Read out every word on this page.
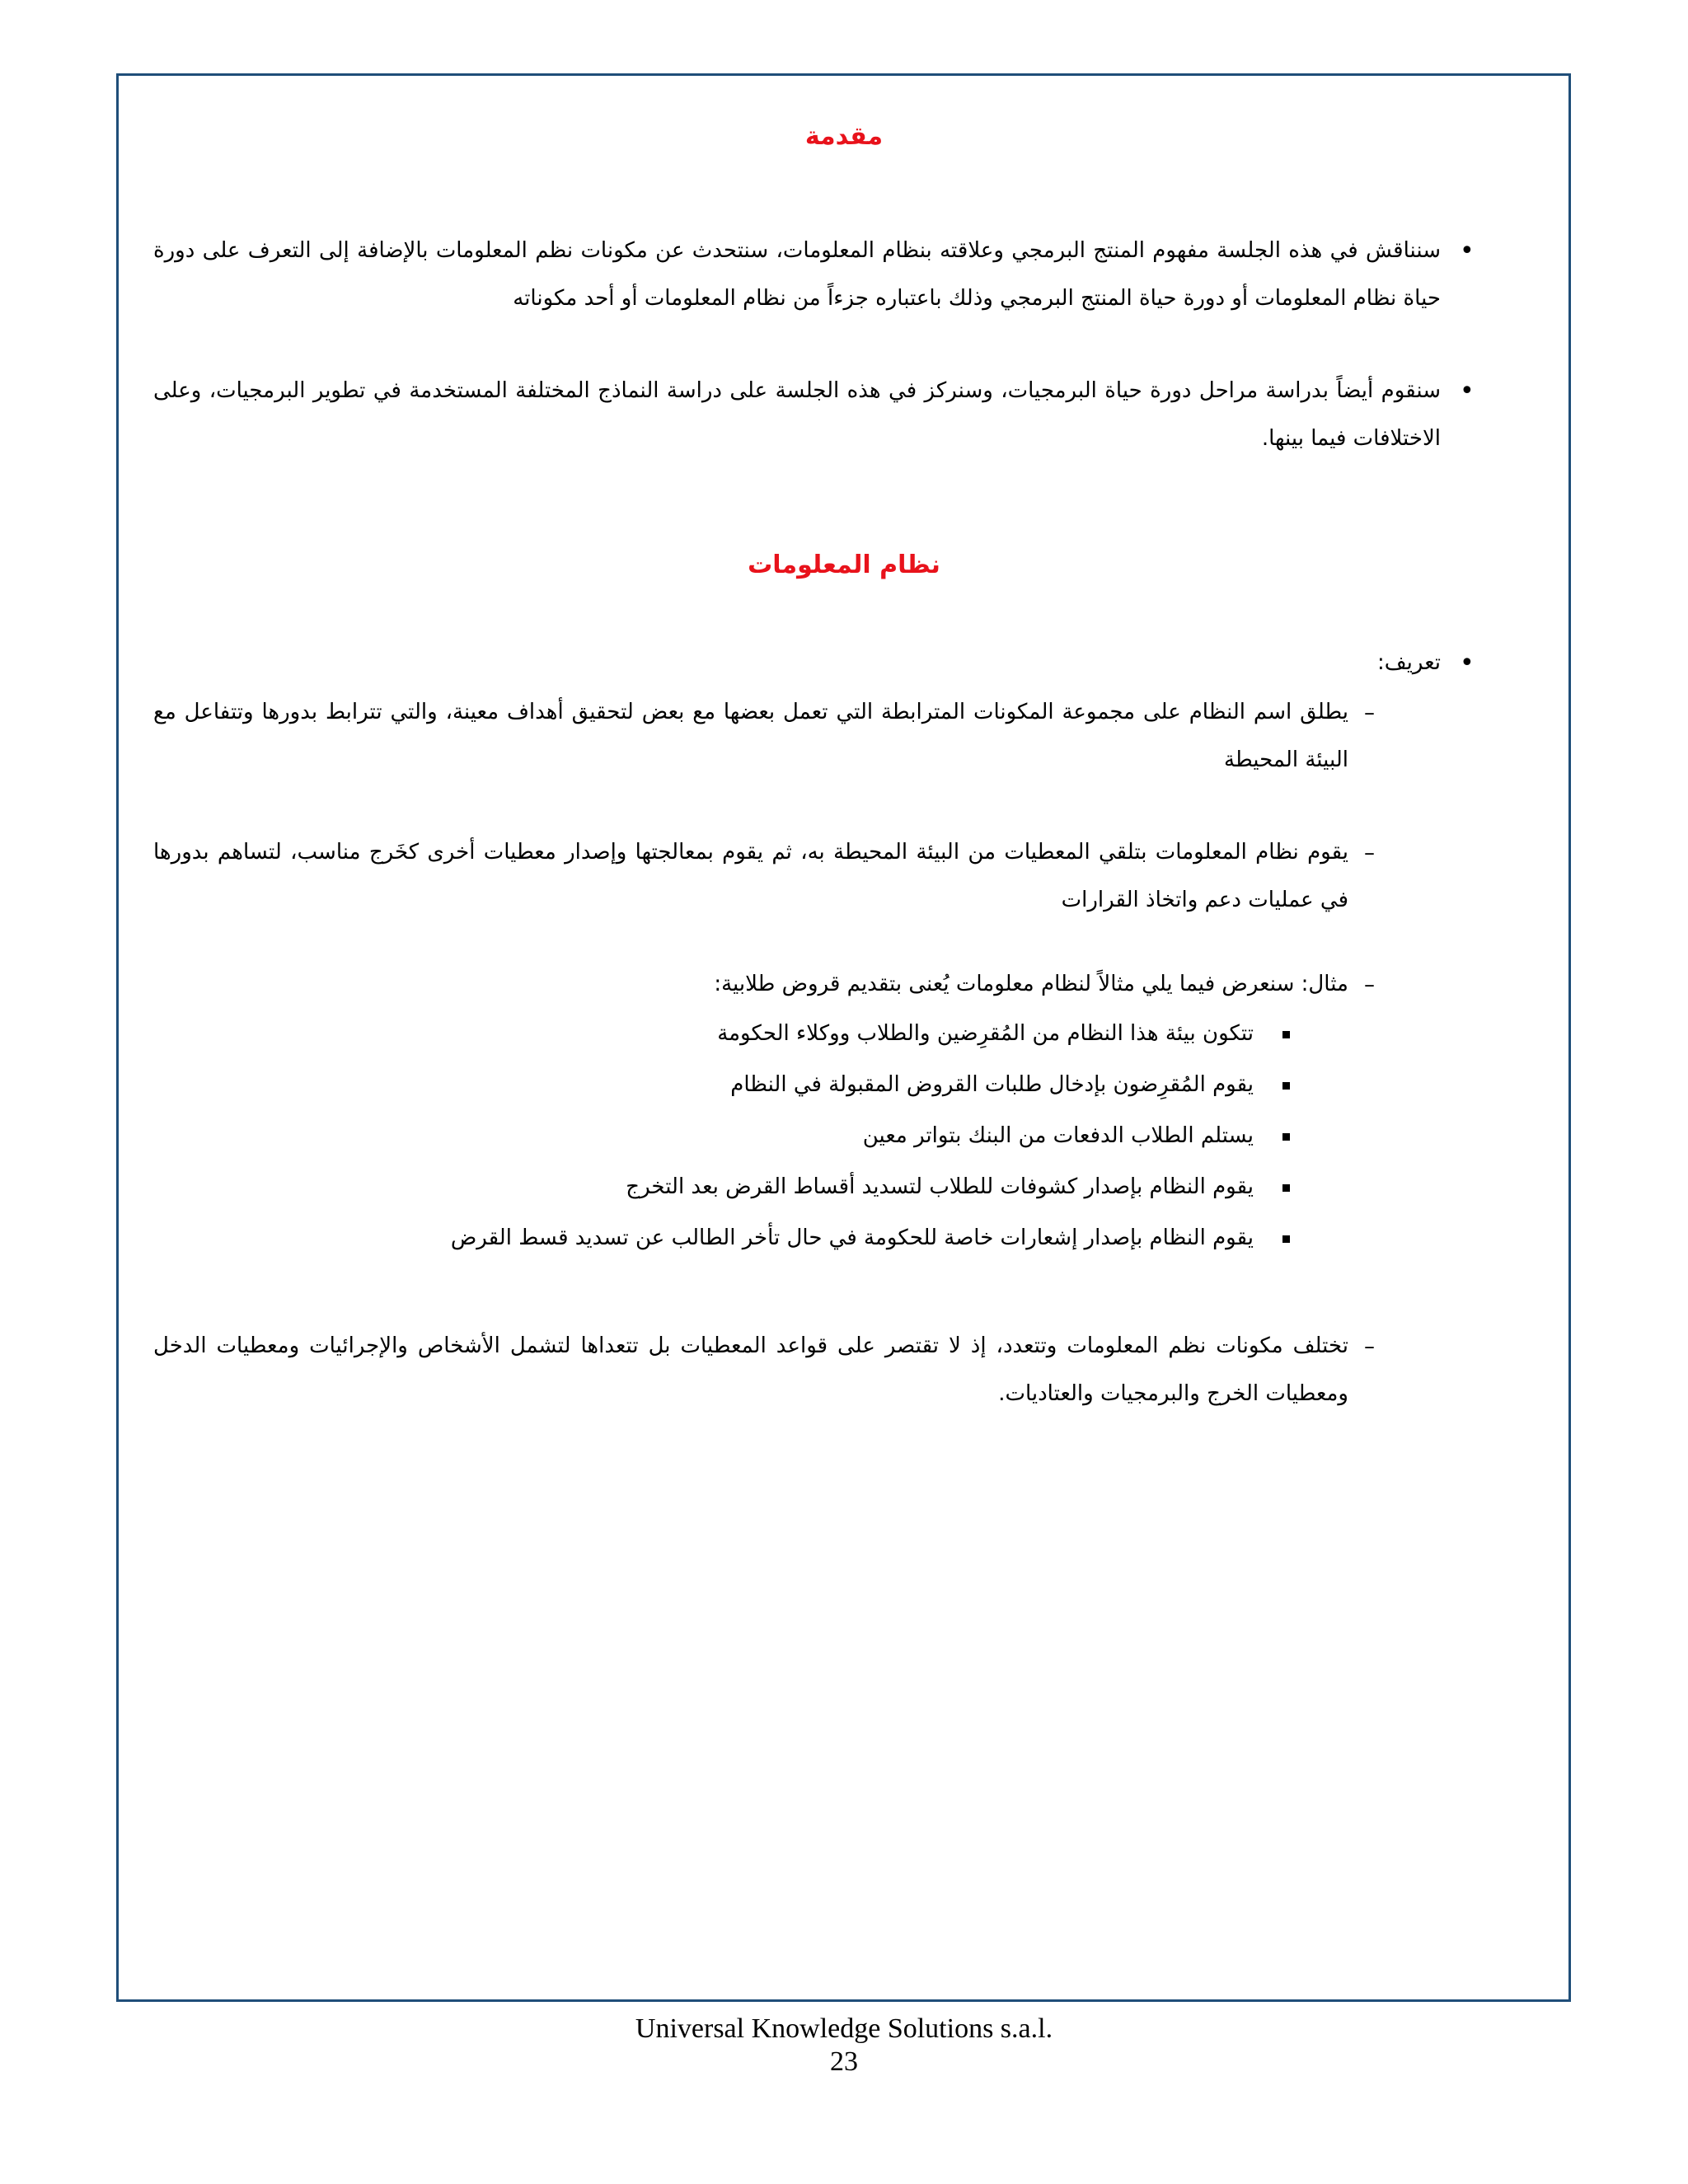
مقدمة
•
سنناقش في هذه الجلسة مفهوم المنتج البرمجي وعلاقته بنظام المعلومات، سنتحدث عن مكونات نظم المعلومات بالإضافة إلى التعرف على دورة حياة نظام المعلومات أو دورة حياة المنتج البرمجي وذلك باعتباره جزءاً من نظام المعلومات أو أحد مكوناته
•
سنقوم أيضاً بدراسة مراحل دورة حياة البرمجيات، وسنركز في هذه الجلسة على دراسة النماذج المختلفة المستخدمة في تطوير البرمجيات، وعلى الاختلافات فيما بينها.
نظام المعلومات
•
تعريف:
–
يطلق اسم النظام على مجموعة المكونات المترابطة التي تعمل بعضها مع بعض لتحقيق أهداف معينة، والتي تترابط بدورها وتتفاعل مع البيئة المحيطة
–
يقوم نظام المعلومات بتلقي المعطيات من البيئة المحيطة به، ثم يقوم بمعالجتها وإصدار معطيات أخرى كخَرج مناسب، لتساهم بدورها في عمليات دعم واتخاذ القرارات
–
مثال: سنعرض فيما يلي مثالاً لنظام معلومات يُعنى بتقديم قروض طلابية:
تتكون بيئة هذا النظام من المُقرِضين والطلاب ووكلاء الحكومة
يقوم المُقرِضون بإدخال طلبات القروض المقبولة في النظام
يستلم الطلاب الدفعات من البنك بتواتر معين
يقوم النظام بإصدار كشوفات للطلاب لتسديد أقساط القرض بعد التخرج
يقوم النظام بإصدار إشعارات خاصة للحكومة في حال تأخر الطالب عن تسديد قسط القرض
–
تختلف مكونات نظم المعلومات وتتعدد، إذ لا تقتصر على قواعد المعطيات بل تتعداها لتشمل الأشخاص والإجرائيات ومعطيات الدخل ومعطيات الخرج والبرمجيات والعتاديات.
Universal Knowledge Solutions s.a.l.
23
